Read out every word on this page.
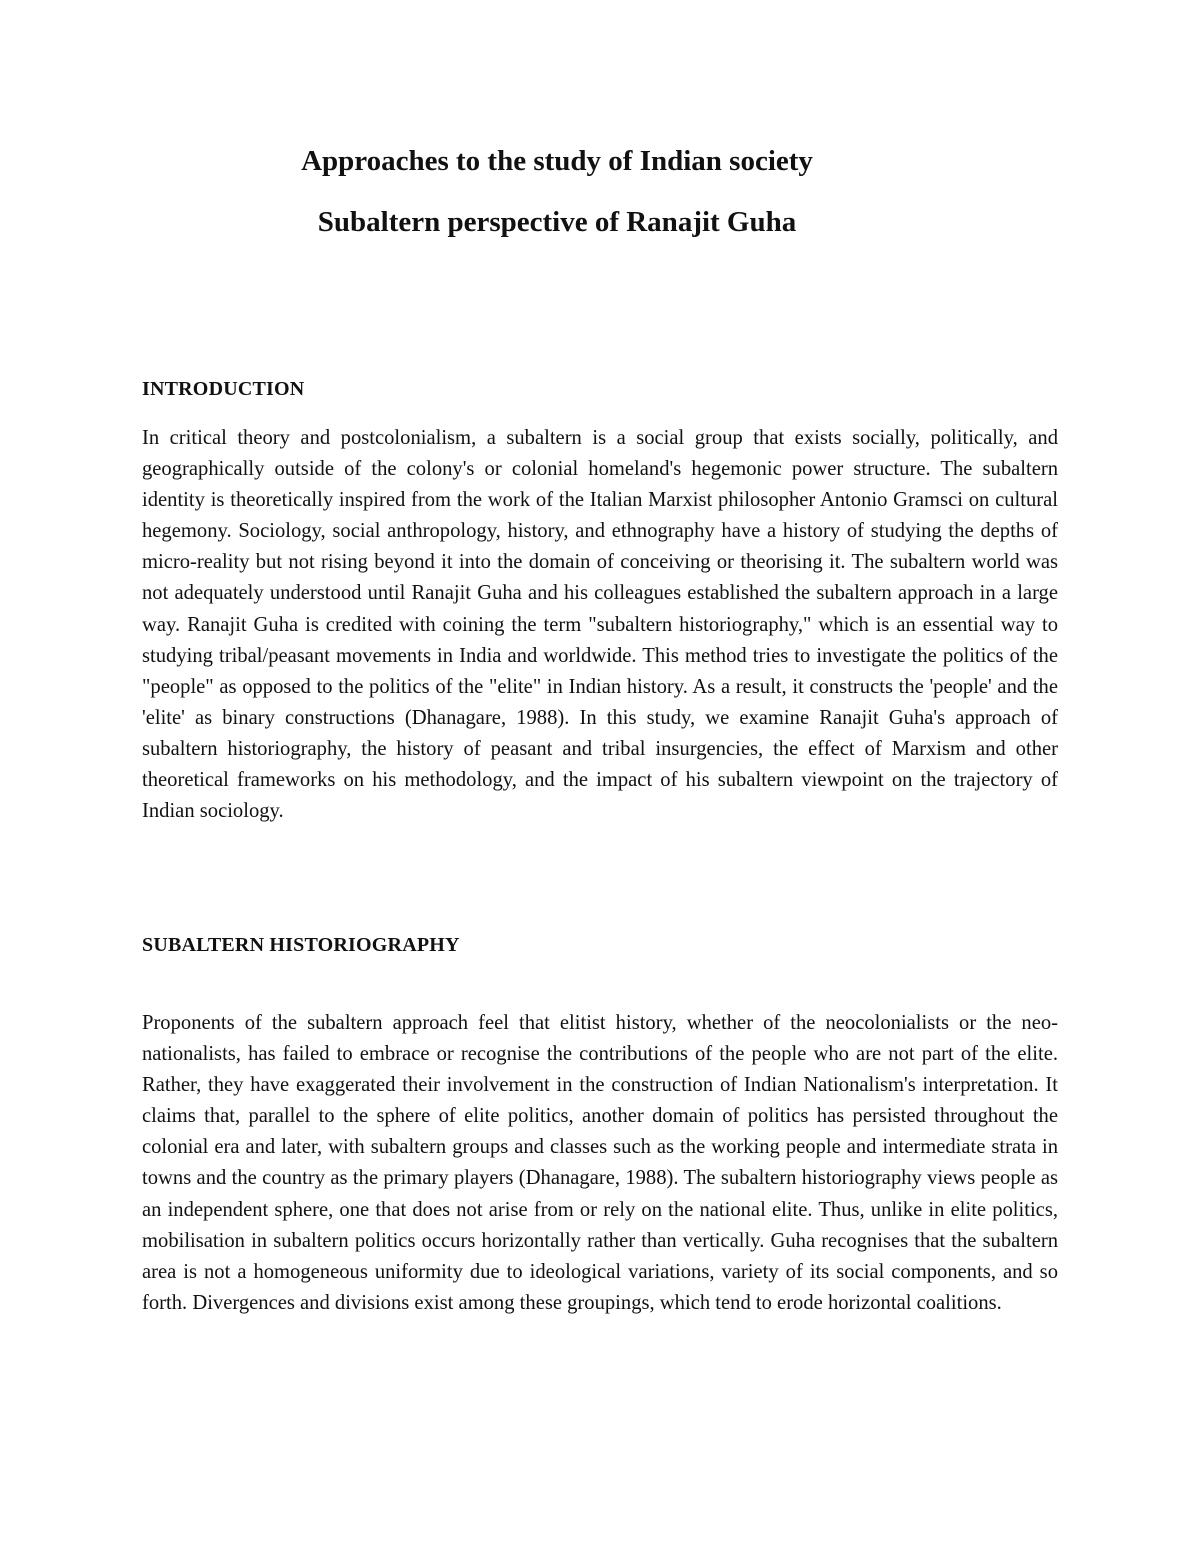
Approaches to the study of Indian society
Subaltern perspective of Ranajit Guha
INTRODUCTION

In critical theory and postcolonialism, a subaltern is a social group that exists socially, politically, and geographically outside of the colony's or colonial homeland's hegemonic power structure. The subaltern identity is theoretically inspired from the work of the Italian Marxist philosopher Antonio Gramsci on cultural hegemony. Sociology, social anthropology, history, and ethnography have a history of studying the depths of micro-reality but not rising beyond it into the domain of conceiving or theorising it. The subaltern world was not adequately understood until Ranajit Guha and his colleagues established the subaltern approach in a large way. Ranajit Guha is credited with coining the term "subaltern historiography," which is an essential way to studying tribal/peasant movements in India and worldwide. This method tries to investigate the politics of the "people" as opposed to the politics of the "elite" in Indian history. As a result, it constructs the 'people' and the 'elite' as binary constructions (Dhanagare, 1988). In this study, we examine Ranajit Guha's approach of subaltern historiography, the history of peasant and tribal insurgencies, the effect of Marxism and other theoretical frameworks on his methodology, and the impact of his subaltern viewpoint on the trajectory of Indian sociology.

SUBALTERN HISTORIOGRAPHY

Proponents of the subaltern approach feel that elitist history, whether of the neocolonialists or the neo-nationalists, has failed to embrace or recognise the contributions of the people who are not part of the elite. Rather, they have exaggerated their involvement in the construction of Indian Nationalism's interpretation. It claims that, parallel to the sphere of elite politics, another domain of politics has persisted throughout the colonial era and later, with subaltern groups and classes such as the working people and intermediate strata in towns and the country as the primary players (Dhanagare, 1988). The subaltern historiography views people as an independent sphere, one that does not arise from or rely on the national elite. Thus, unlike in elite politics, mobilisation in subaltern politics occurs horizontally rather than vertically. Guha recognises that the subaltern area is not a homogeneous uniformity due to ideological variations, variety of its social components, and so forth. Divergences and divisions exist among these groupings, which tend to erode horizontal coalitions.
